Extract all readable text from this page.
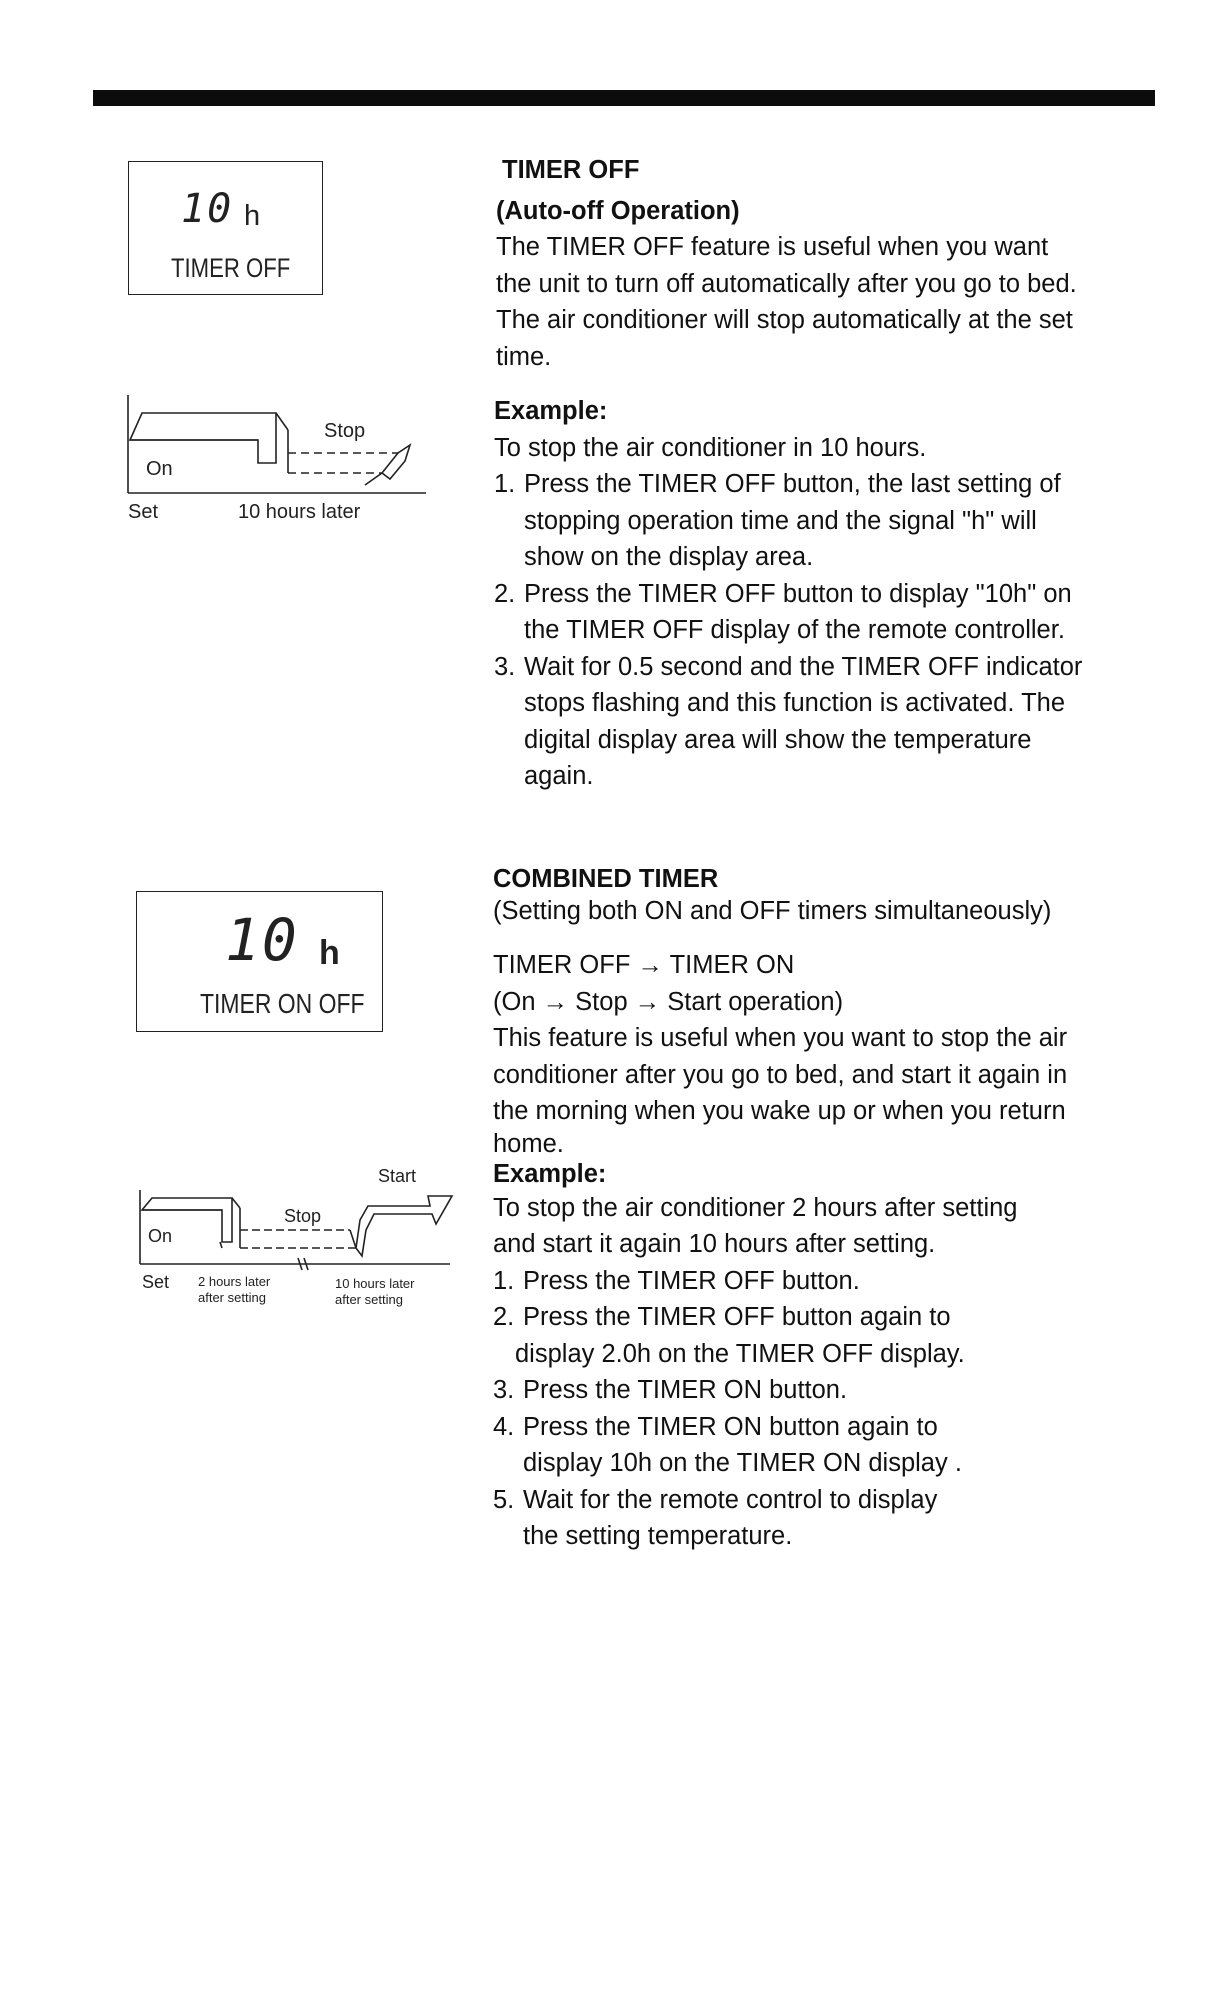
10 h
TIMER OFF
On
Stop
Set	10 hours later

TIMER OFF

(Auto-off Operation)

The TIMER OFF feature is useful when you want

the unit to turn off automatically after you go to bed.

The air conditioner will stop automatically at the set

time.

Example:

To stop the air conditioner in 10 hours.

1. Press the TIMER OFF button, the last setting of

stopping operation time and the signal "h" will

show on the display area.

2. Press the TIMER OFF button to display "10h" on

the TIMER OFF display of the remote controller.

3. Wait for 0.5 second and the TIMER OFF indicator

stops flashing and this function is activated. The

digital display area will show the temperature

again.

10 h
TIMER ON OFF
On
Stop
Start
Set 2 hours later
after setting
10 hours later
after setting

COMBINED TIMER

(Setting both ON and OFF timers simultaneously)

TIMER OFF → TIMER ON

(On → Stop → Start operation)

This feature is useful when you want to stop the air

conditioner after you go to bed, and start it again in

the morning when you wake up or when you return

home.

Example:

To stop the air conditioner 2 hours after setting

and start it again 10 hours after setting.

1. Press the TIMER OFF button.

2. Press the TIMER OFF button again to

display 2.0h on the TIMER OFF display.

3. Press the TIMER ON button.

4. Press the TIMER ON button again to

display 10h on the TIMER ON display .

5. Wait for the remote control to display

the setting temperature.
